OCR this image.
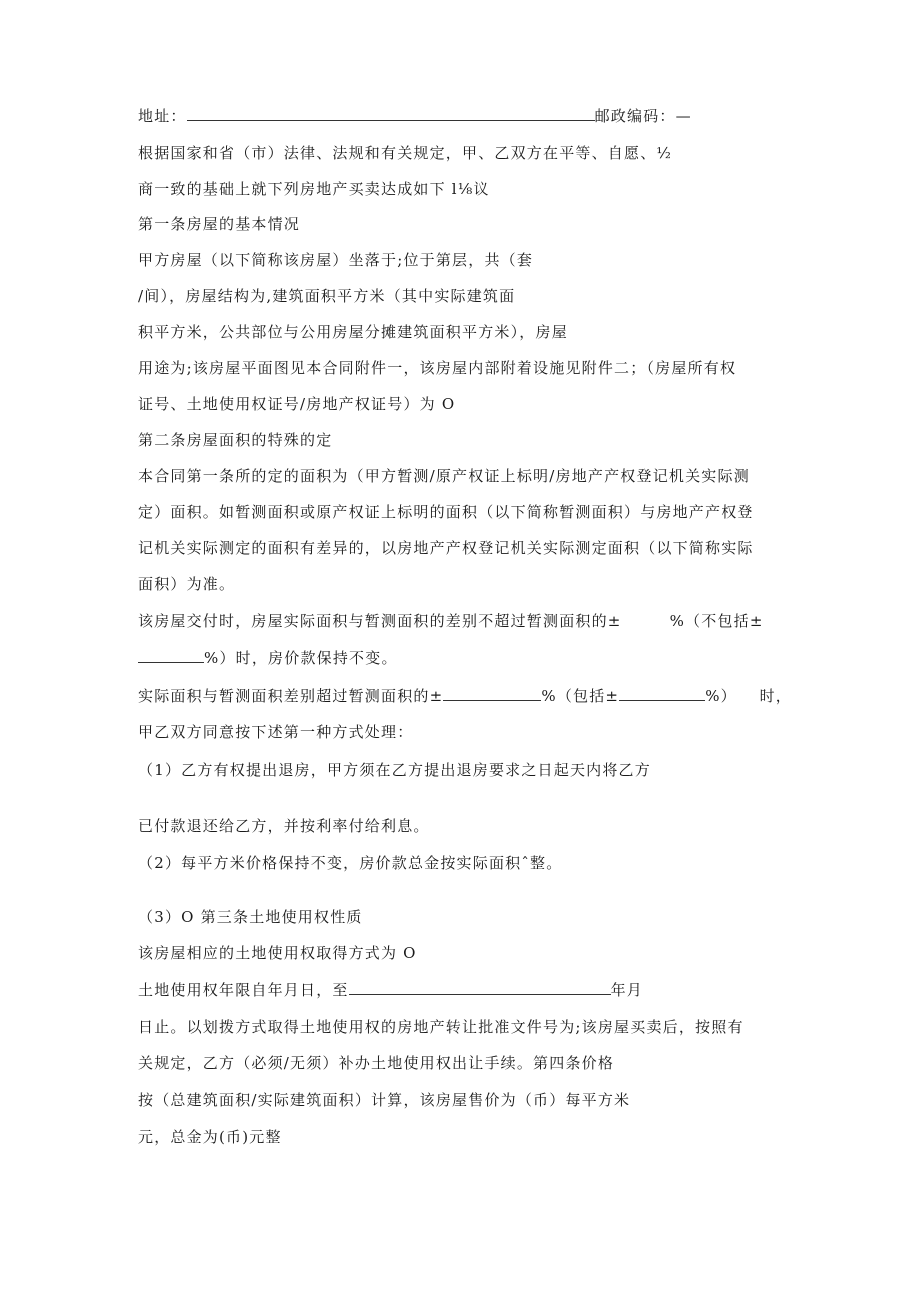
地址：	邮政编码：—
根据国家和省（市）法律、法规和有关规定，甲、乙双方在平等、自愿、½
商一致的基础上就下列房地产买卖达成如下 l⅛议
第一条房屋的基本情况
甲方房屋（以下简称该房屋）坐落于;位于第层，共（套
/间），房屋结构为,建筑面积平方米（其中实际建筑面
积平方米，公共部位与公用房屋分摊建筑面积平方米），房屋
用途为;该房屋平面图见本合同附件一，该房屋内部附着设施见附件二；（房屋所有权
证号、土地使用权证号/房地产权证号）为 O
第二条房屋面积的特殊的定
本合同第一条所的定的面积为（甲方暂测/原产权证上标明/房地产产权登记机关实际测
定）面积。如暂测面积或原产权证上标明的面积（以下简称暂测面积）与房地产产权登
记机关实际测定的面积有差异的，以房地产产权登记机关实际测定面积（以下简称实际
面积）为准。
该房屋交付时，房屋实际面积与暂测面积的差别不超过暂测面积的±	%（不包括±
%）时，房价款保持不变。
实际面积与暂测面积差别超过暂测面积的±	%（包括±	%） 时，
甲乙双方同意按下述第一种方式处理：
（1）乙方有权提出退房，甲方须在乙方提出退房要求之日起天内将乙方
已付款退还给乙方，并按利率付给利息。
（2）每平方米价格保持不变，房价款总金按实际面积ˆ整。
（3）O 第三条土地使用权性质
该房屋相应的土地使用权取得方式为 O
土地使用权年限自年月日，至	年月
日止。以划拨方式取得土地使用权的房地产转让批准文件号为;该房屋买卖后，按照有
关规定，乙方（必须/无须）补办土地使用权出让手续。第四条价格
按（总建筑面积/实际建筑面积）计算，该房屋售价为（币）每平方米
元，总金为(币)元整
